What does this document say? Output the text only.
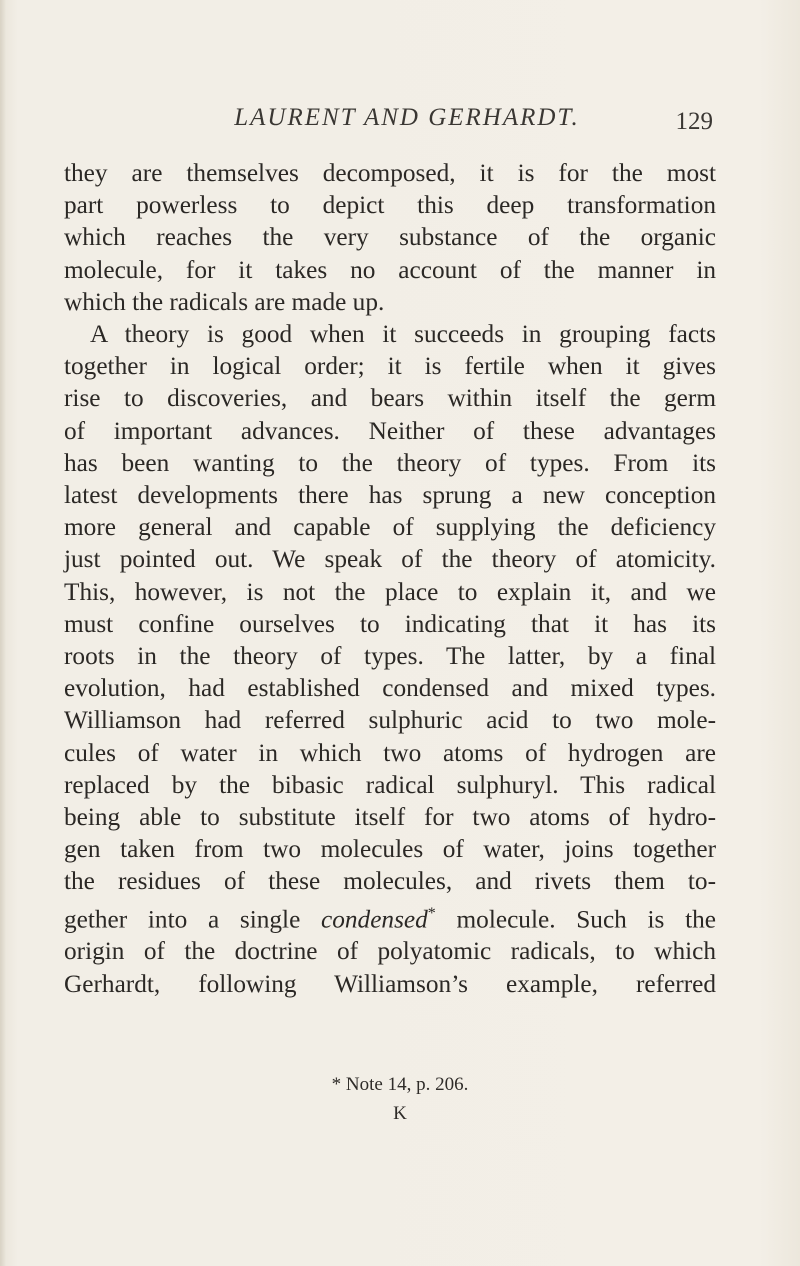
LAURENT AND GERHARDT.	129
they are themselves decomposed, it is for the most
part powerless to depict this deep transformation
which reaches the very substance of the organic
molecule, for it takes no account of the manner in
which the radicals are made up.
A theory is good when it succeeds in grouping facts
together in logical order; it is fertile when it gives
rise to discoveries, and bears within itself the germ
of important advances. Neither of these advantages
has been wanting to the theory of types. From its
latest developments there has sprung a new conception
more general and capable of supplying the deficiency
just pointed out. We speak of the theory of atomicity.
This, however, is not the place to explain it, and we
must confine ourselves to indicating that it has its
roots in the theory of types. The latter, by a final
evolution, had established condensed and mixed types.
Williamson had referred sulphuric acid to two mole-
cules of water in which two atoms of hydrogen are
replaced by the bibasic radical sulphuryl. This radical
being able to substitute itself for two atoms of hydro-
gen taken from two molecules of water, joins together
the residues of these molecules, and rivets them to-
gether into a single condensed* molecule. Such is the
origin of the doctrine of polyatomic radicals, to which
Gerhardt, following Williamson’s example, referred
* Note 14, p. 206.
K
